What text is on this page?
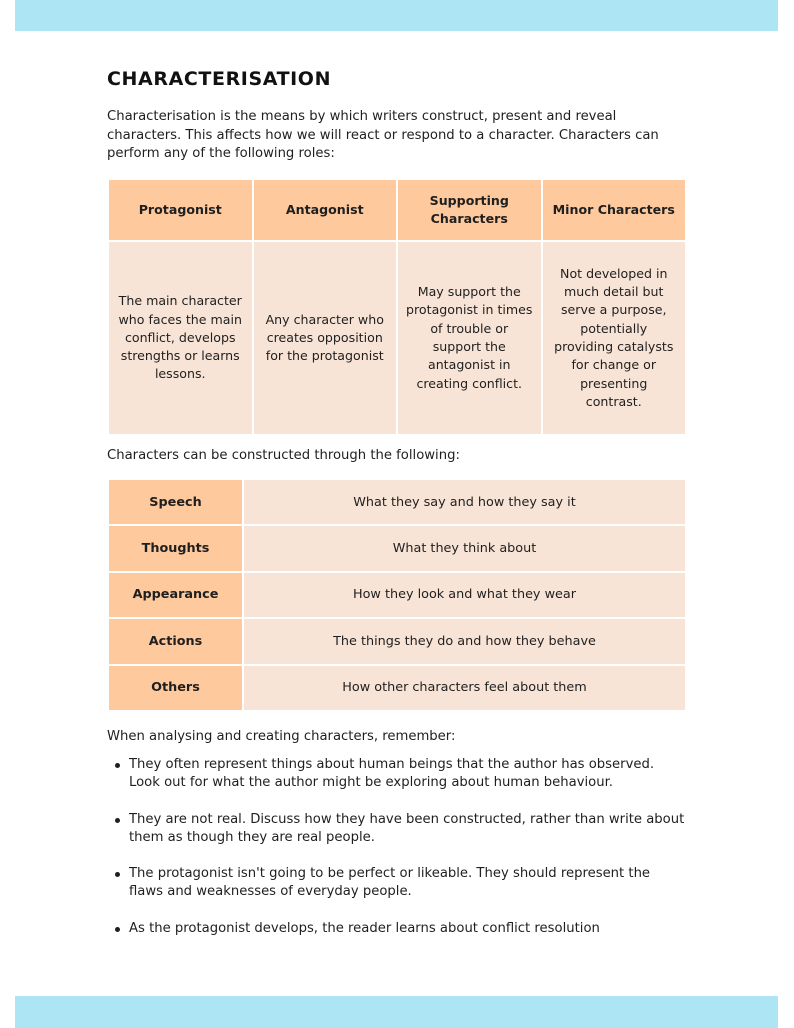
CHARACTERISATION

Characterisation is the means by which writers construct, present and reveal characters. This affects how we will react or respond to a character. Characters can perform any of the following roles:

Protagonist	Antagonist	Supporting Characters	Minor Characters
The main character who faces the main conflict, develops strengths or learns lessons.	Any character who creates opposition for the protagonist	May support the protagonist in times of trouble or support the antagonist in creating conflict.	Not developed in much detail but serve a purpose, potentially providing catalysts for change or presenting contrast.

Characters can be constructed through the following:

Speech	What they say and how they say it
Thoughts	What they think about
Appearance	How they look and what they wear
Actions	The things they do and how they behave
Others	How other characters feel about them

When analysing and creating characters, remember:

They often represent things about human beings that the author has observed. Look out for what the author might be exploring about human behaviour.
They are not real. Discuss how they have been constructed, rather than write about them as though they are real people.
The protagonist isn't going to be perfect or likeable. They should represent the flaws and weaknesses of everyday people.
As the protagonist develops, the reader learns about conflict resolution
